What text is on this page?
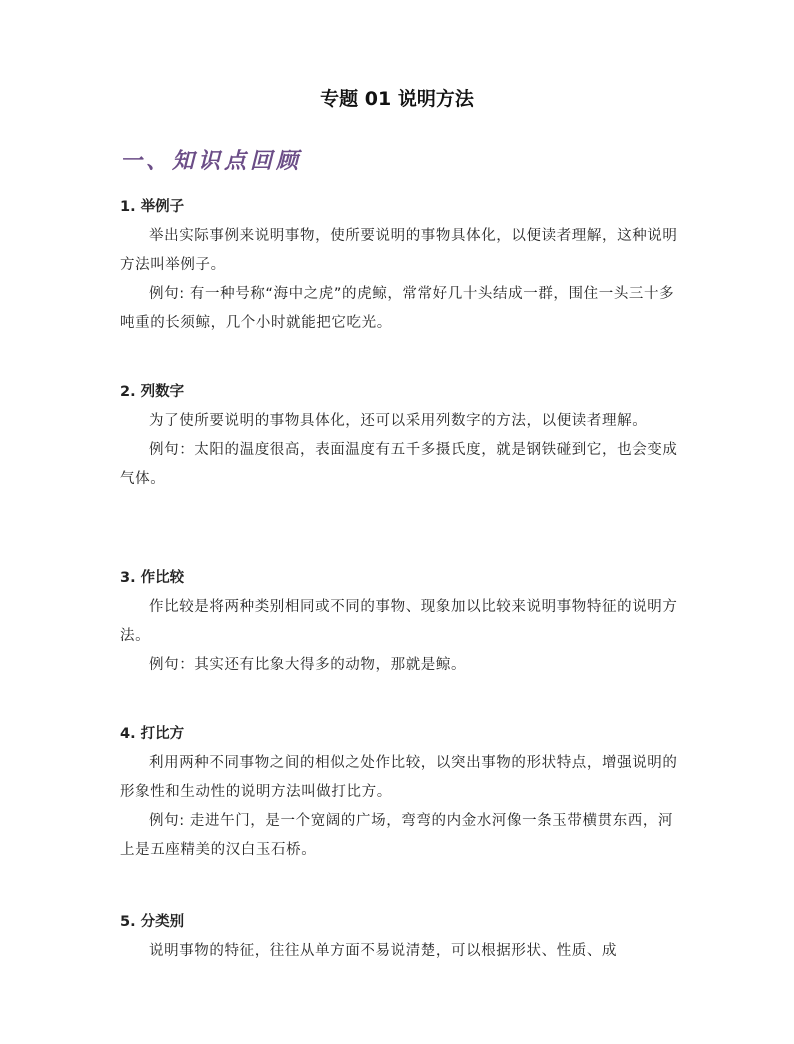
专题 01 说明方法
一、知识点回顾
1. 举例子
举出实际事例来说明事物，使所要说明的事物具体化，以便读者理解，这种说明方法叫举例子。
例句: 有一种号称“海中之虎”的虎鲸，常常好几十头结成一群，围住一头三十多吨重的长须鲸，几个小时就能把它吃光。
2. 列数字
为了使所要说明的事物具体化，还可以采用列数字的方法，以便读者理解。
例句：太阳的温度很高，表面温度有五千多摄氏度，就是钢铁碰到它，也会变成气体。
3. 作比较
作比较是将两种类别相同或不同的事物、现象加以比较来说明事物特征的说明方法。
例句：其实还有比象大得多的动物，那就是鲸。
4. 打比方
利用两种不同事物之间的相似之处作比较，以突出事物的形状特点，增强说明的形象性和生动性的说明方法叫做打比方。
例句: 走进午门，是一个宽阔的广场，弯弯的内金水河像一条玉带横贯东西，河上是五座精美的汉白玉石桥。
5. 分类别
说明事物的特征，往往从单方面不易说清楚，可以根据形状、性质、成
